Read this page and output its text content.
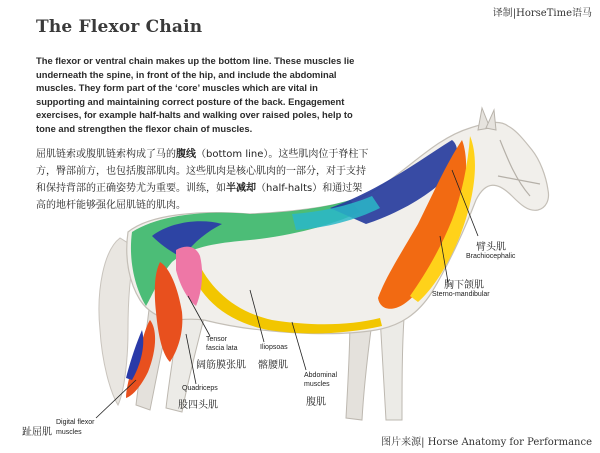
译制|HorseTime语马
The Flexor Chain

The flexor or ventral chain makes up the bottom line. These muscles lie underneath the spine, in front of the hip, and include the abdominal muscles. They form part of the ‘core’ muscles which are vital in supporting and maintaining correct posture of the back. Engagement exercises, for example half-halts and walking over raised poles, help to tone and strengthen the flexor chain of muscles.

屈肌链索或腹肌链索构成了马的腹线（bottom line）。这些肌肉位于脊柱下方，臀部前方，也包括腹部肌肉。这些肌肉是核心肌肉的一部分，对于支持和保持背部的正确姿势尤为重要。训练，如半减却（half-halts）和通过架高的地杆能够强化屈肌链的肌肉。

臂头肌
Brachiocephalic
胸下颌肌
Sterno-mandibular
Tensor
fascia lata
阔筋膜张肌
Iliopsoas
髂腰肌
Abdominal
muscles
腹肌
Quadriceps
股四头肌
趾屈肌
Digital flexor
muscles
图片来源| Horse Anatomy for Performance
